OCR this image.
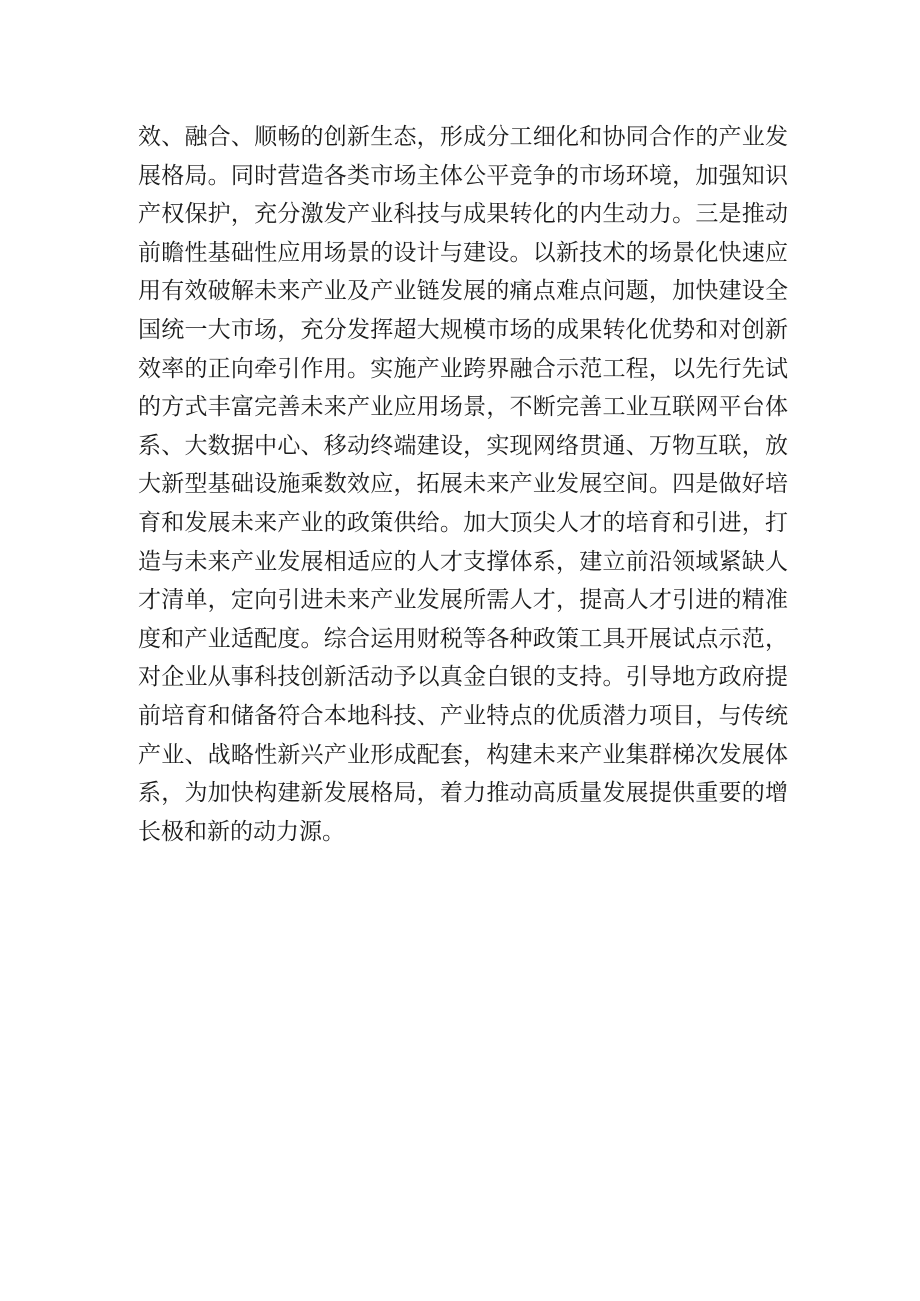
效、融合、顺畅的创新生态，形成分工细化和协同合作的产业发
展格局。同时营造各类市场主体公平竞争的市场环境，加强知识
产权保护，充分激发产业科技与成果转化的内生动力。三是推动
前瞻性基础性应用场景的设计与建设。以新技术的场景化快速应
用有效破解未来产业及产业链发展的痛点难点问题，加快建设全
国统一大市场，充分发挥超大规模市场的成果转化优势和对创新
效率的正向牵引作用。实施产业跨界融合示范工程，以先行先试
的方式丰富完善未来产业应用场景，不断完善工业互联网平台体
系、大数据中心、移动终端建设，实现网络贯通、万物互联，放
大新型基础设施乘数效应，拓展未来产业发展空间。四是做好培
育和发展未来产业的政策供给。加大顶尖人才的培育和引进，打
造与未来产业发展相适应的人才支撑体系，建立前沿领域紧缺人
才清单，定向引进未来产业发展所需人才，提高人才引进的精准
度和产业适配度。综合运用财税等各种政策工具开展试点示范，
对企业从事科技创新活动予以真金白银的支持。引导地方政府提
前培育和储备符合本地科技、产业特点的优质潜力项目，与传统
产业、战略性新兴产业形成配套，构建未来产业集群梯次发展体
系，为加快构建新发展格局，着力推动高质量发展提供重要的增
长极和新的动力源。
